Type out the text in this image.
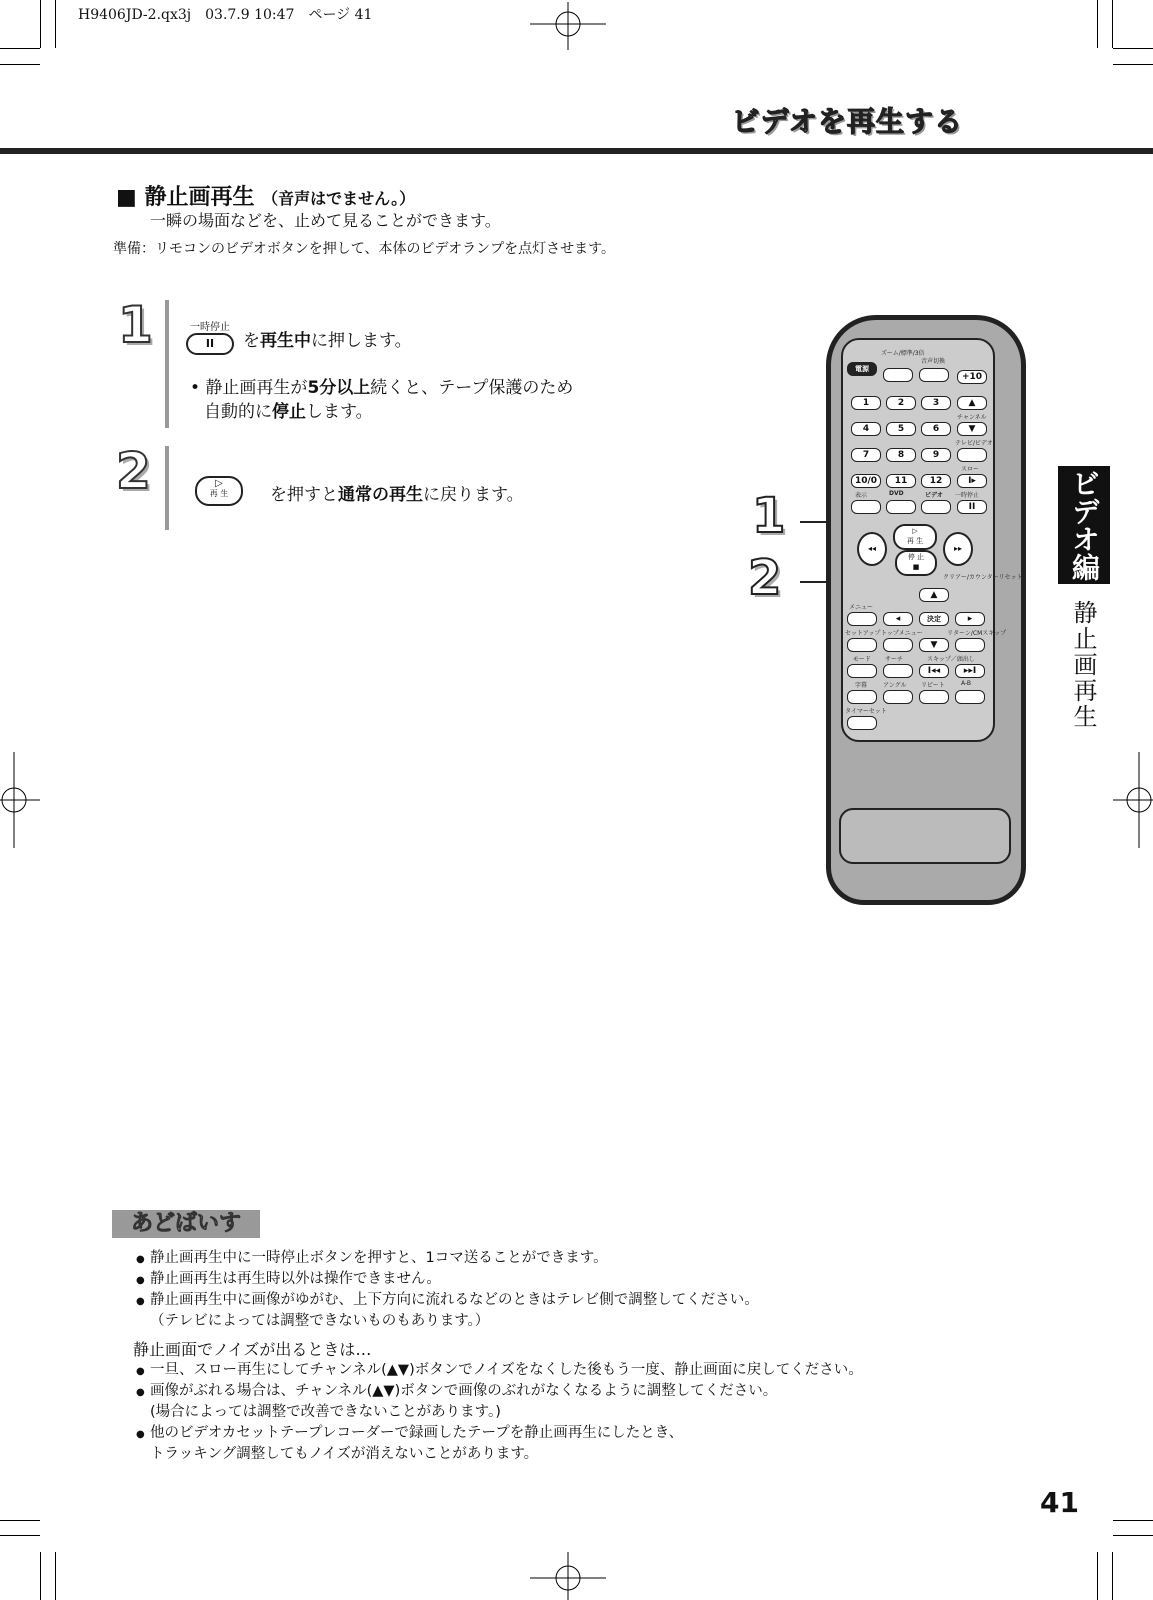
H9406JD-2.qx3j　03.7.9 10:47　ページ 41
ビデオを再生する
■ 静止画再生 （音声はでません。）
一瞬の場面などを、止めて見ることができます。
準備：リモコンのビデオボタンを押して、本体のビデオランプを点灯させます。
1	一時停止
II	を再生中に押します。
• 静止画再生が5分以上続くと、テープ保護のため
自動的に停止します。
2	▷
再 生	を押すと通常の再生に戻ります。	1
2
ズーム/標準/3倍
音声切換
電源
+10
1	2	3	▲
チャンネル
4	5	6	▼
テレビ/ビデオ
7	8	9
スロー
10/0	11	12	I▸
表示	DVD	ビデオ 一時停止
II
◂◂
▷
再 生
停 止
■
▸▸
クリアー/カウンターリセット
▲
メニュー
◂	決定	▸
セットアップ トップメニュー	リターン/CMスキップ
▼
モード サーチ	スキップ／頭出し
I◂◂	▸▸I
字幕	アングル リピート	A-B
タイマーセット
ビデオ編
静止画再生
あどばいす
● 静止画再生中に一時停止ボタンを押すと、1コマ送ることができます。
● 静止画再生は再生時以外は操作できません。
● 静止画再生中に画像がゆがむ、上下方向に流れるなどのときはテレビ側で調整してください。
（テレビによっては調整できないものもあります。）
静止画面でノイズが出るときは…
● 一旦、スロー再生にしてチャンネル(▲▼)ボタンでノイズをなくした後もう一度、静止画面に戻してください。
● 画像がぶれる場合は、チャンネル(▲▼)ボタンで画像のぶれがなくなるように調整してください。
(場合によっては調整で改善できないことがあります。)
● 他のビデオカセットテープレコーダーで録画したテープを静止画再生にしたとき、
トラッキング調整してもノイズが消えないことがあります。
41
